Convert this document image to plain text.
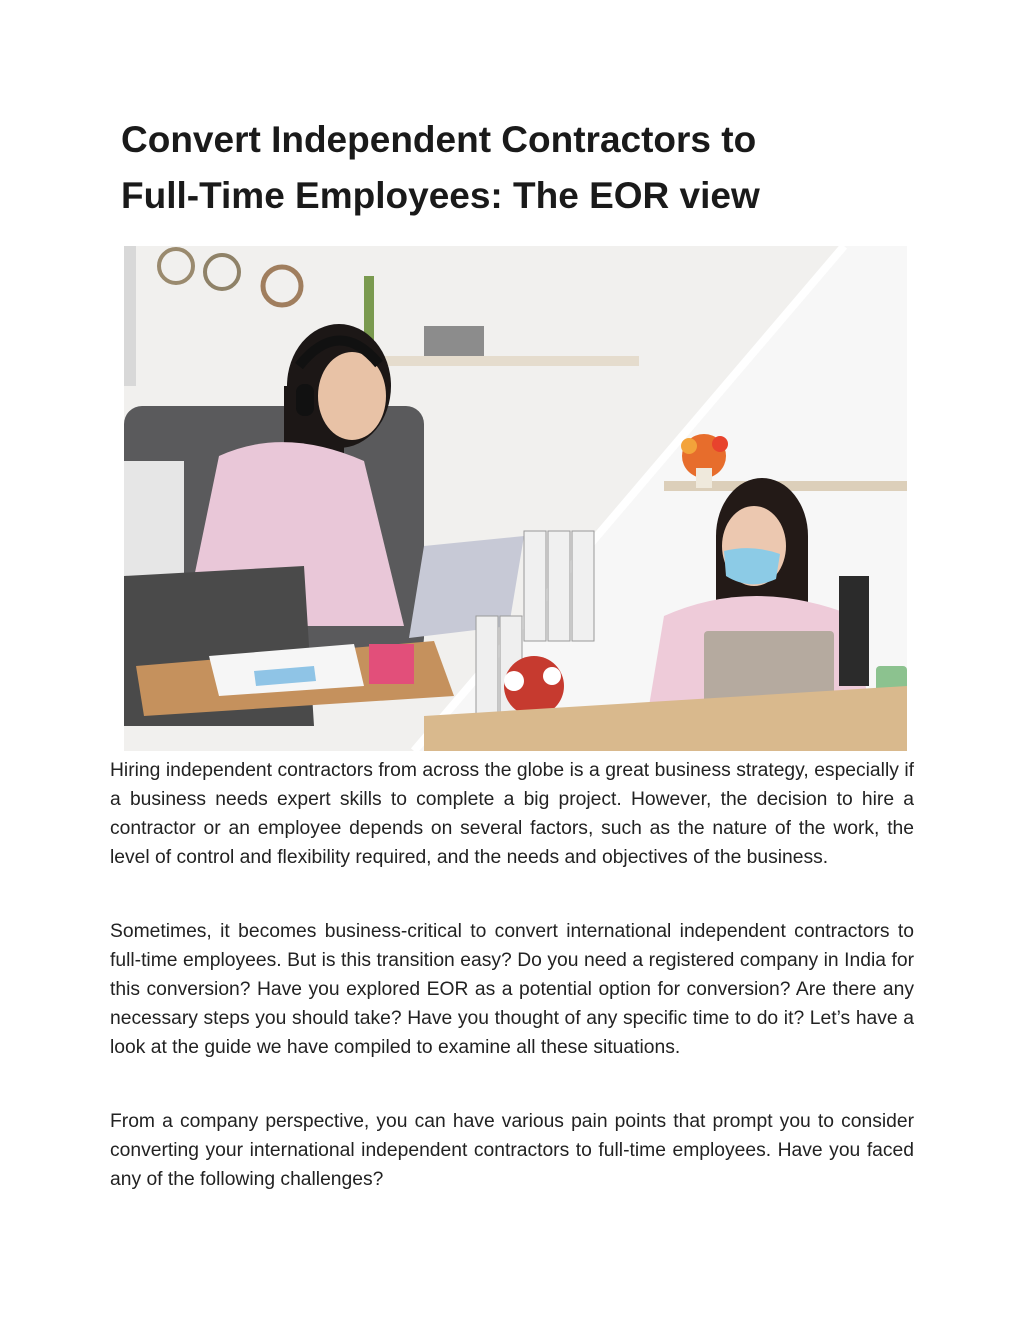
Convert Independent Contractors to
Full-Time Employees: The EOR view

Hiring independent contractors from across the globe is a great business strategy, especially if a business needs expert skills to complete a big project. However, the decision to hire a contractor or an employee depends on several factors, such as the nature of the work, the level of control and flexibility required, and the needs and objectives of the business.

Sometimes, it becomes business-critical to convert international independent contractors to full-time employees. But is this transition easy? Do you need a registered company in India for this conversion? Have you explored EOR as a potential option for conversion? Are there any necessary steps you should take? Have you thought of any specific time to do it? Let’s have a look at the guide we have compiled to examine all these situations.

From a company perspective, you can have various pain points that prompt you to consider converting your international independent contractors to full-time employees. Have you faced any of the following challenges?
